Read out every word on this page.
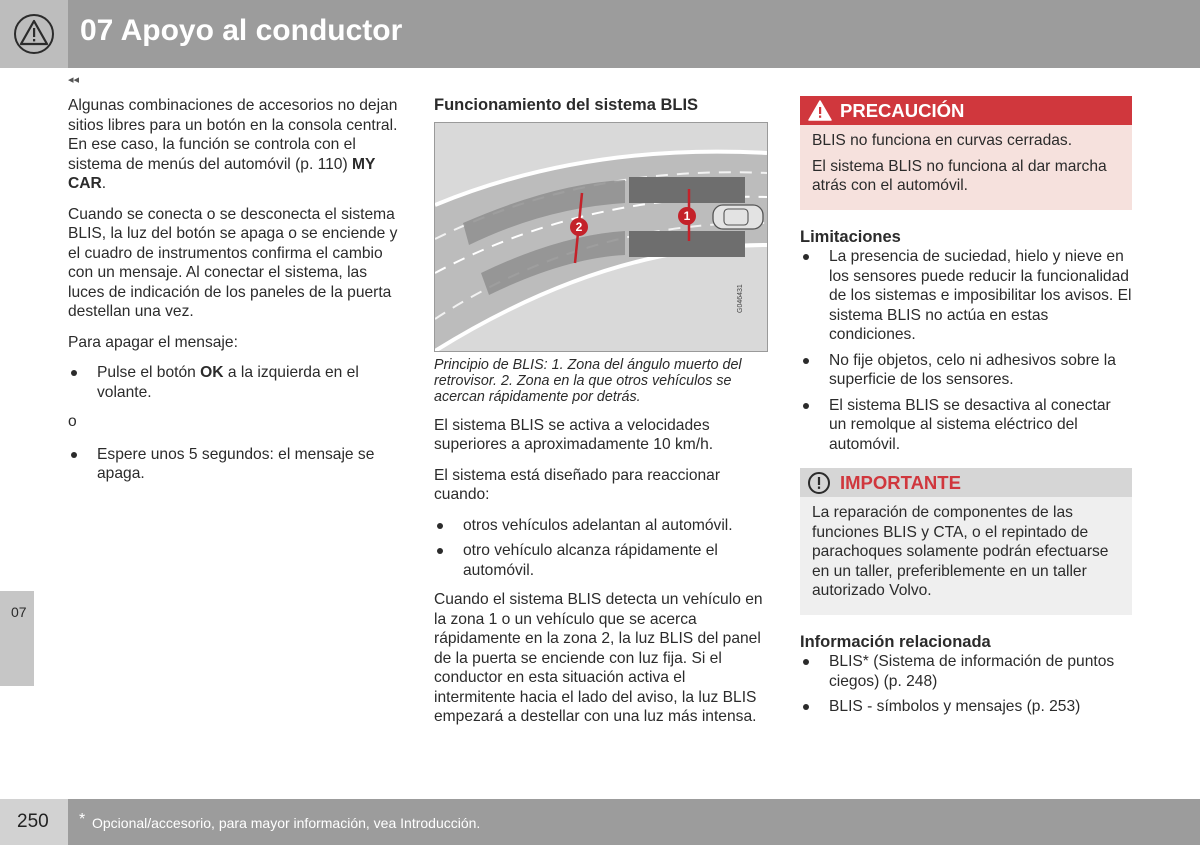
07 Apoyo al conductor
◂◂

Algunas combinaciones de accesorios no dejan sitios libres para un botón en la consola central. En ese caso, la función se controla con el sistema de menús del automóvil (p. 110) MY CAR.

Cuando se conecta o se desconecta el sistema BLIS, la luz del botón se apaga o se enciende y el cuadro de instrumentos confirma el cambio con un mensaje. Al conectar el sistema, las luces de indicación de los paneles de la puerta destellan una vez.

Para apagar el mensaje:

Pulse el botón OK a la izquierda en el volante.

o

Espere unos 5 segundos: el mensaje se apaga.
Funcionamiento del sistema BLIS
2
1
G046431

Principio de BLIS: 1. Zona del ángulo muerto del retrovisor. 2. Zona en la que otros vehículos se acercan rápidamente por detrás.

El sistema BLIS se activa a velocidades superiores a aproximadamente 10 km/h.

El sistema está diseñado para reaccionar cuando:

otros vehículos adelantan al automóvil.
otro vehículo alcanza rápidamente el automóvil.

Cuando el sistema BLIS detecta un vehículo en la zona 1 o un vehículo que se acerca rápidamente en la zona 2, la luz BLIS del panel de la puerta se enciende con luz fija. Si el conductor en esta situación activa el intermitente hacia el lado del aviso, la luz BLIS empezará a destellar con una luz más intensa.

PRECAUCIÓN

BLIS no funciona en curvas cerradas.

El sistema BLIS no funciona al dar marcha atrás con el automóvil.

Limitaciones
La presencia de suciedad, hielo y nieve en los sensores puede reducir la funcionalidad de los sistemas e imposibilitar los avisos. El sistema BLIS no actúa en estas condiciones.
No fije objetos, celo ni adhesivos sobre la superficie de los sensores.
El sistema BLIS se desactiva al conectar un remolque al sistema eléctrico del automóvil.
IMPORTANTE

La reparación de componentes de las funciones BLIS y CTA, o el repintado de parachoques solamente podrán efectuarse en un taller, preferiblemente en un taller autorizado Volvo.

Información relacionada
BLIS* (Sistema de información de puntos ciegos) (p. 248)
BLIS - símbolos y mensajes (p. 253)
07
250 * Opcional/accesorio, para mayor información, vea Introducción.
